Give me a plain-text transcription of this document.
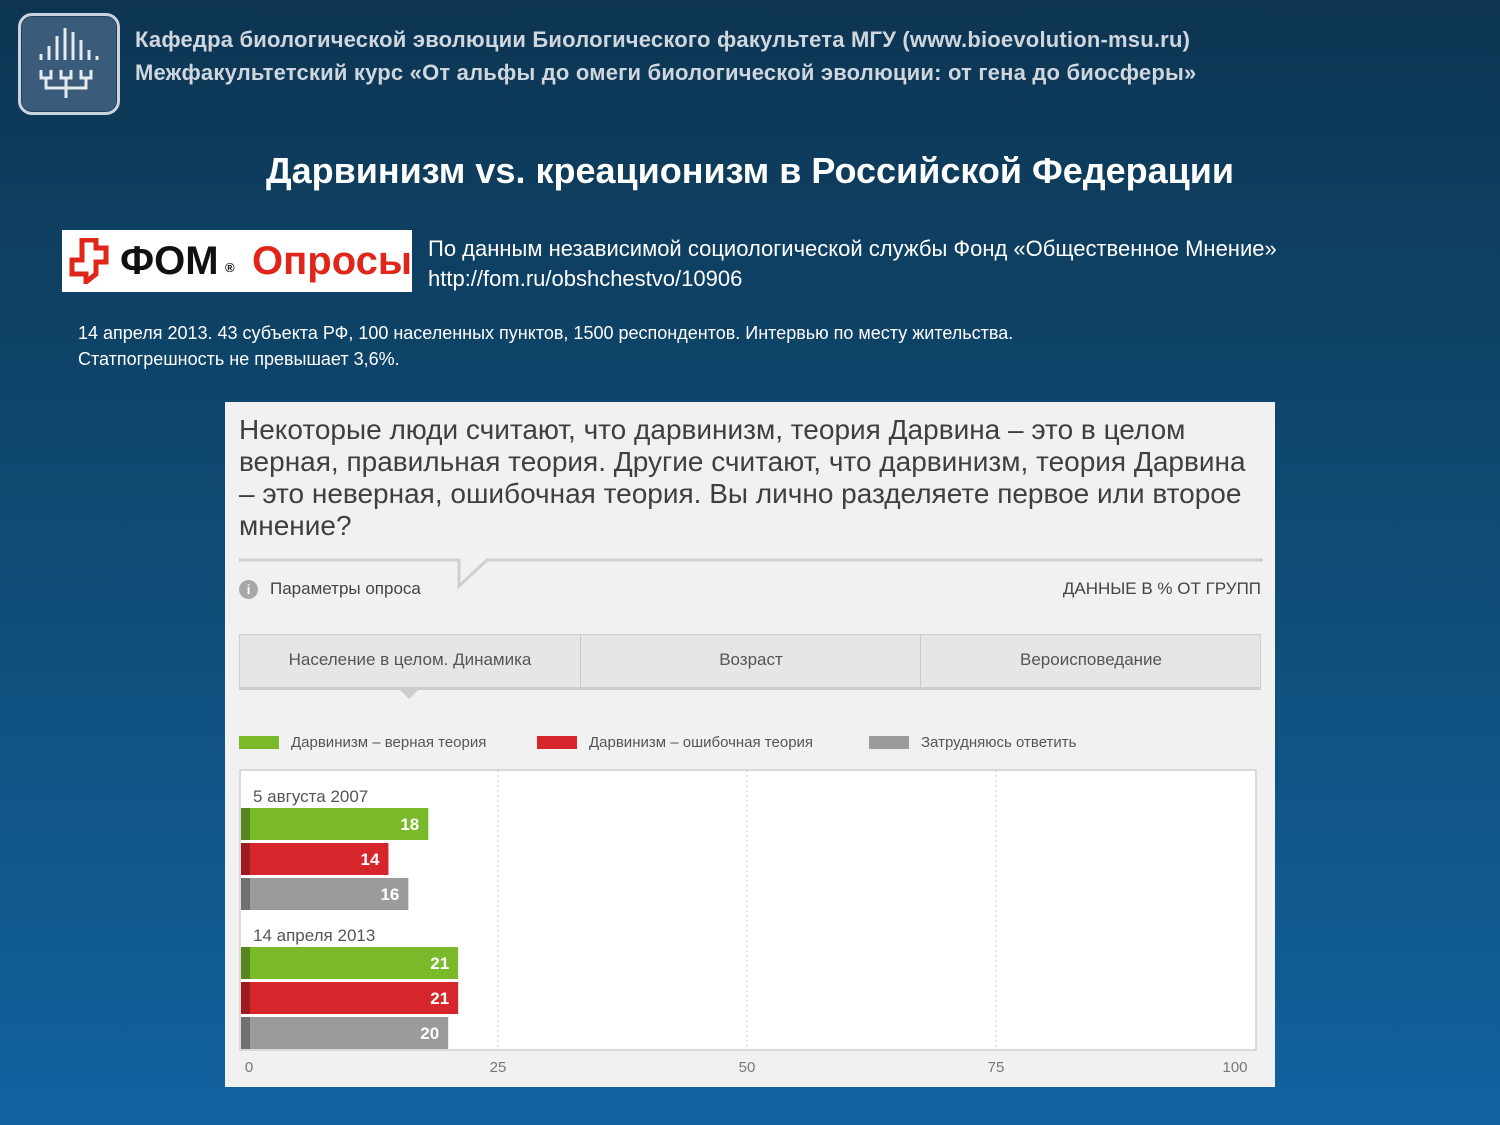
Кафедра биологической эволюции Биологического факультета МГУ (www.bioevolution-msu.ru)
Межфакультетский курс «От альфы до омеги биологической эволюции: от гена до биосферы»
Дарвинизм vs. креационизм в Российской Федерации
ФОМ ® Опросы По данным независимой социологической службы Фонд «Общественное Мнение»
http://fom.ru/obshchestvo/10906
14 апреля 2013. 43 субъекта РФ, 100 населенных пунктов, 1500 респондентов. Интервью по месту жительства.
Статпогрешность не превышает 3,6%.
Некоторые люди считают, что дарвинизм, теория Дарвина – это в целом верная, правильная теория. Другие считают, что дарвинизм, теория Дарвина – это неверная, ошибочная теория. Вы лично разделяете первое или второе мнение?
i	Параметры опроса	ДАННЫЕ В % ОТ ГРУПП
Население в целом. Динамика	Возраст	Вероисповедание
Дарвинизм – верная теория	Дарвинизм – ошибочная теория	Затрудняюсь ответить
0	25	50	75	100
5 августа 2007
18
14
16
14 апреля 2013
21
21
20
